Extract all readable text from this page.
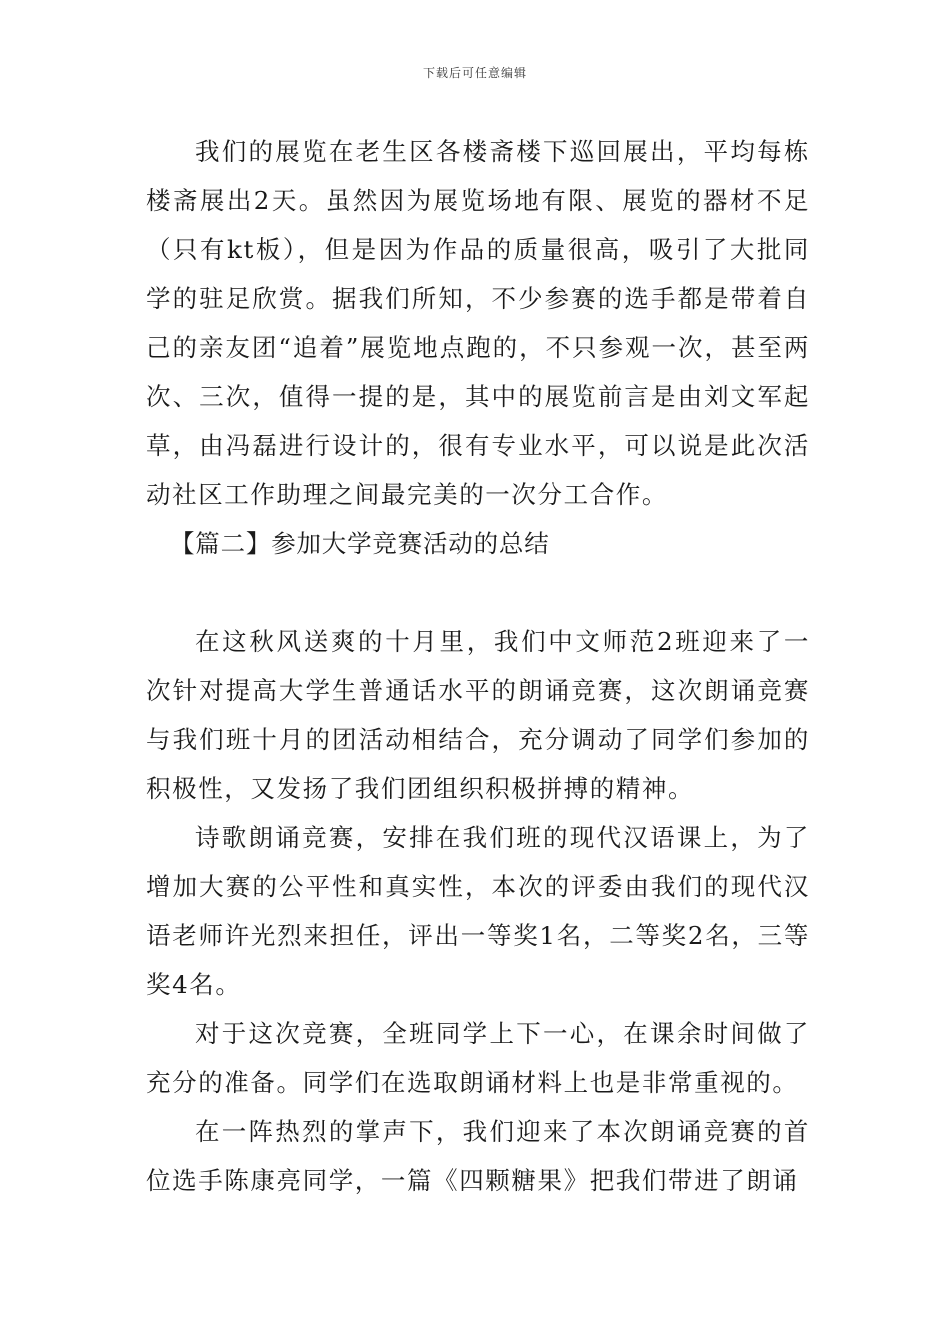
下载后可任意编辑

我们的展览在老生区各楼斋楼下巡回展出，平均每栋楼斋展出2天。虽然因为展览场地有限、展览的器材不足（只有kt板），但是因为作品的质量很高，吸引了大批同学的驻足欣赏。据我们所知，不少参赛的选手都是带着自己的亲友团“追着”展览地点跑的，不只参观一次，甚至两次、三次，值得一提的是，其中的展览前言是由刘文军起草，由冯磊进行设计的，很有专业水平，可以说是此次活动社区工作助理之间最完美的一次分工合作。

【篇二】参加大学竞赛活动的总结

在这秋风送爽的十月里，我们中文师范2班迎来了一次针对提高大学生普通话水平的朗诵竞赛，这次朗诵竞赛与我们班十月的团活动相结合，充分调动了同学们参加的积极性，又发扬了我们团组织积极拼搏的精神。

诗歌朗诵竞赛，安排在我们班的现代汉语课上，为了增加大赛的公平性和真实性，本次的评委由我们的现代汉语老师许光烈来担任，评出一等奖1名，二等奖2名，三等奖4名。

对于这次竞赛，全班同学上下一心，在课余时间做了充分的准备。同学们在选取朗诵材料上也是非常重视的。

在一阵热烈的掌声下，我们迎来了本次朗诵竞赛的首位选手陈康亮同学，一篇《四颗糖果》把我们带进了朗诵
